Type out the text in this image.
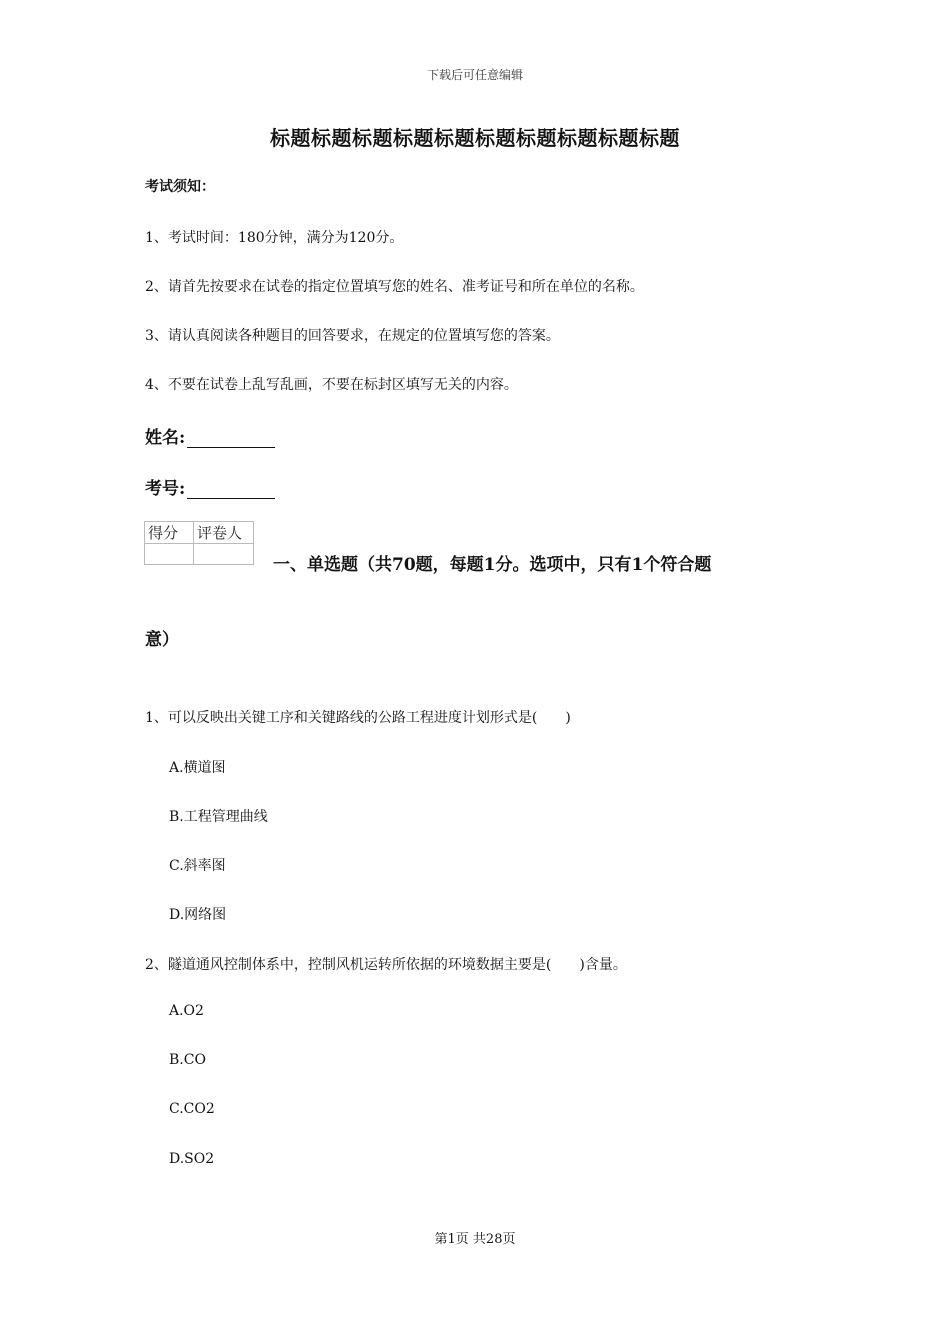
下载后可任意编辑
标题标题标题标题标题标题标题标题标题标题
考试须知：
1、考试时间：180分钟，满分为120分。
2、请首先按要求在试卷的指定位置填写您的姓名、准考证号和所在单位的名称。
3、请认真阅读各种题目的回答要求，在规定的位置填写您的答案。
4、不要在试卷上乱写乱画，不要在标封区填写无关的内容。
姓名:
考号:
得分	评卷人

一、单选题（共70题，每题1分。选项中，只有1个符合题
意）
1、可以反映出关键工序和关键路线的公路工程进度计划形式是(　　)
A.横道图
B.工程管理曲线
C.斜率图
D.网络图
2、隧道通风控制体系中，控制风机运转所依据的环境数据主要是(　　)含量。
A.O2
B.CO
C.CO2
D.SO2
第1页 共28页
